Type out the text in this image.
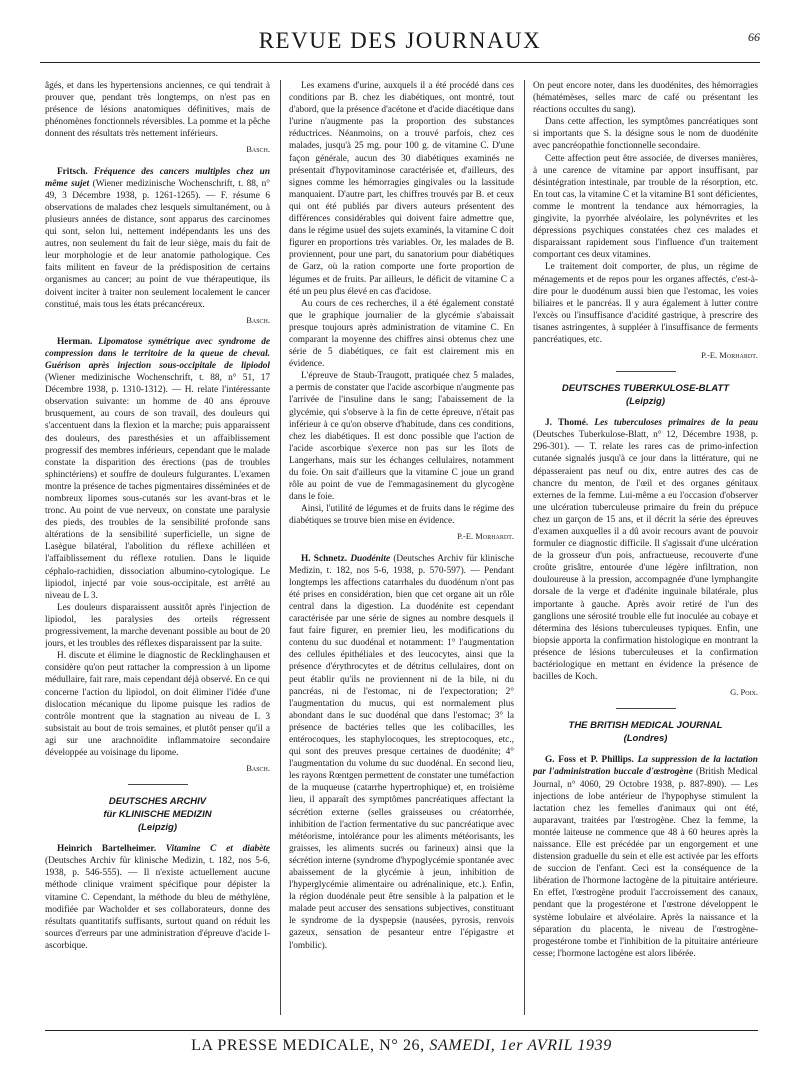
REVUE DES JOURNAUX	66

âgés, et dans les hypertensions anciennes, ce qui tendrait à prouver que, pendant très longtemps, on n'est pas en présence de lésions anatomiques définitives, mais de phénomènes fonctionnels réversibles. La pomme et la pêche donnent des résultats très nettement inférieurs.

Basch.

Fritsch. Fréquence des cancers multiples chez un même sujet (Wiener medizinische Wochenschrift, t. 88, n° 49, 3 Décembre 1938, p. 1261-1265). — F. résume 6 observations de malades chez lesquels simultanément, ou à plusieurs années de distance, sont apparus des carcinomes qui sont, selon lui, nettement indépendants les uns des autres, non seulement du fait de leur siège, mais du fait de leur morphologie et de leur anatomie pathologique. Ces faits militent en faveur de la prédisposition de certains organismes au cancer; au point de vue thérapeutique, ils doivent inciter à traiter non seulement localement le cancer constitué, mais tous les états précancéreux.

Basch.

Herman. Lipomatose symétrique avec syndrome de compression dans le territoire de la queue de cheval. Guérison après injection sous-occipitale de lipiodol (Wiener medizinische Wochenschrift, t. 88, n° 51, 17 Décembre 1938, p. 1310-1312). — H. relate l'intéressante observation suivante: un homme de 40 ans éprouve brusquement, au cours de son travail, des douleurs qui s'accentuent dans la flexion et la marche; puis apparaissent des douleurs, des paresthésies et un affaiblissement progressif des membres inférieurs, cependant que le malade constate la disparition des érections (pas de troubles sphinctériens) et souffre de douleurs fulgurantes. L'examen montre la présence de taches pigmentaires disséminées et de nombreux lipomes sous-cutanés sur les avant-bras et le tronc. Au point de vue nerveux, on constate une paralysie des pieds, des troubles de la sensibilité profonde sans altérations de la sensibilité superficielle, un signe de Lasègue bilatéral, l'abolition du réflexe achilléen et l'affaiblissement du réflexe rotulien. Dans le liquide céphalo-rachidien, dissociation albumino-cytologique. Le lipiodol, injecté par voie sous-occipitale, est arrêté au niveau de L 3.

Les douleurs disparaissent aussitôt après l'injection de lipiodol, les paralysies des orteils régressent progressivement, la marche devenant possible au bout de 20 jours, et les troubles des réflexes disparaissent par la suite.

H. discute et élimine le diagnostic de Recklinghausen et considère qu'on peut rattacher la compression à un lipome médullaire, fait rare, mais cependant déjà observé. En ce qui concerne l'action du lipiodol, on doit éliminer l'idée d'une dislocation mécanique du lipome puisque les radios de contrôle montrent que la stagnation au niveau de L 3 subsistait au bout de trois semaines, et plutôt penser qu'il a agi sur une arachnoïdite inflammatoire secondaire développée au voisinage du lipome.

Basch.
DEUTSCHES ARCHIV
für KLINISCHE MEDIZIN
(Leipzig)

Heinrich Bartelheimer. Vitamine C et diabète (Deutsches Archiv für klinische Medizin, t. 182, nos 5-6, 1938, p. 546-555). — Il n'existe actuellement aucune méthode clinique vraiment spécifique pour dépister la vitamine C. Cependant, la méthode du bleu de méthylène, modifiée par Wacholder et ses collaborateurs, donne des résultats quantitatifs suffisants, surtout quand on réduit les sources d'erreurs par une administration d'épreuve d'acide l-ascorbique.

Les examens d'urine, auxquels il a été procédé dans ces conditions par B. chez les diabétiques, ont montré, tout d'abord, que la présence d'acétone et d'acide diacétique dans l'urine n'augmente pas la proportion des substances réductrices. Néanmoins, on a trouvé parfois, chez ces malades, jusqu'à 25 mg. pour 100 g. de vitamine C. D'une façon générale, aucun des 30 diabétiques examinés ne présentait d'hypovitaminose caractérisée et, d'ailleurs, des signes comme les hémorragies gingivales ou la lassitude manquaient. D'autre part, les chiffres trouvés par B. et ceux qui ont été publiés par divers auteurs présentent des différences considérables qui doivent faire admettre que, dans le régime usuel des sujets examinés, la vitamine C doit figurer en proportions très variables. Or, les malades de B. proviennent, pour une part, du sanatorium pour diabétiques de Garz, où la ration comporte une forte proportion de légumes et de fruits. Par ailleurs, le déficit de vitamine C a été un peu plus élevé en cas d'acidose.

Au cours de ces recherches, il a été également constaté que le graphique journalier de la glycémie s'abaissait presque toujours après administration de vitamine C. En comparant la moyenne des chiffres ainsi obtenus chez une série de 5 diabétiques, ce fait est clairement mis en évidence.

L'épreuve de Staub-Traugott, pratiquée chez 5 malades, a permis de constater que l'acide ascorbique n'augmente pas l'arrivée de l'insuline dans le sang; l'abaissement de la glycémie, qui s'observe à la fin de cette épreuve, n'était pas inférieur à ce qu'on observe d'habitude, dans ces conditions, chez les diabétiques. Il est donc possible que l'action de l'acide ascorbique s'exerce non pas sur les îlots de Langerhans, mais sur les échanges cellulaires, notamment du foie. On sait d'ailleurs que la vitamine C joue un grand rôle au point de vue de l'emmagasinement du glycogène dans le foie.

Ainsi, l'utilité de légumes et de fruits dans le régime des diabétiques se trouve bien mise en évidence.

P.-E. Morhardt.

H. Schnetz. Duodénite (Deutsches Archiv für klinische Medizin, t. 182, nos 5-6, 1938, p. 570-597). — Pendant longtemps les affections catarrhales du duodénum n'ont pas été prises en considération, bien que cet organe ait un rôle central dans la digestion. La duodénite est cependant caractérisée par une série de signes au nombre desquels il faut faire figurer, en premier lieu, les modifications du contenu du suc duodénal et notamment: 1° l'augmentation des cellules épithéliales et des leucocytes, ainsi que la présence d'érythrocytes et de détritus cellulaires, dont on peut établir qu'ils ne proviennent ni de la bile, ni du pancréas, ni de l'estomac, ni de l'expectoration; 2° l'augmentation du mucus, qui est normalement plus abondant dans le suc duodénal que dans l'estomac; 3° la présence de bactéries telles que les colibacilles, les entérocoques, les staphylocoques, les streptocoques, etc., qui sont des preuves presque certaines de duodénite; 4° l'augmentation du volume du suc duodénal. En second lieu, les rayons Rœntgen permettent de constater une tuméfaction de la muqueuse (catarrhe hypertrophique) et, en troisième lieu, il apparaît des symptômes pancréatiques affectant la sécrétion externe (selles graisseuses ou créatorrhée, inhibition de l'action fermentative du suc pancréatique avec météorisme, intolérance pour les aliments météorisants, les graisses, les aliments sucrés ou farineux) ainsi que la sécrétion interne (syndrome d'hypoglycémie spontanée avec abaissement de la glycémie à jeun, inhibition de l'hyperglycémie alimentaire ou adrénalinique, etc.). Enfin, la région duodénale peut être sensible à la palpation et le malade peut accuser des sensations subjectives, constituant le syndrome de la dyspepsie (nausées, pyrosis, renvois gazeux, sensation de pesanteur entre l'épigastre et l'ombilic).

On peut encore noter, dans les duodénites, des hémorragies (hématémèses, selles marc de café ou présentant les réactions occultes du sang).

Dans cette affection, les symptômes pancréatiques sont si importants que S. la désigne sous le nom de duodénite avec pancréopathie fonctionnelle secondaire.

Cette affection peut être associée, de diverses manières, à une carence de vitamine par apport insuffisant, par désintégration intestinale, par trouble de la résorption, etc. En tout cas, la vitamine C et la vitamine B1 sont déficientes, comme le montrent la tendance aux hémorragies, la gingivite, la pyorrhée alvéolaire, les polynévrites et les dépressions psychiques constatées chez ces malades et disparaissant rapidement sous l'influence d'un traitement comportant ces deux vitamines.

Le traitement doit comporter, de plus, un régime de ménagements et de repos pour les organes affectés, c'est-à-dire pour le duodénum aussi bien que l'estomac, les voies biliaires et le pancréas. Il y aura également à lutter contre l'excès ou l'insuffisance d'acidité gastrique, à prescrire des tisanes astringentes, à suppléer à l'insuffisance de ferments pancréatiques, etc.

P.-E. Morhardt.
DEUTSCHES TUBERKULOSE-BLATT
(Leipzig)

J. Thomé. Les tuberculoses primaires de la peau (Deutsches Tuberkulose-Blatt, n° 12, Décembre 1938, p. 296-301). — T. relate les rares cas de primo-infection cutanée signalés jusqu'à ce jour dans la littérature, qui ne dépasseraient pas neuf ou dix, entre autres des cas de chancre du menton, de l'œil et des organes génitaux externes de la femme. Lui-même a eu l'occasion d'observer une ulcération tuberculeuse primaire du frein du prépuce chez un garçon de 15 ans, et il décrit la série des épreuves d'examen auxquelles il a dû avoir recours avant de pouvoir formuler ce diagnostic difficile. Il s'agissait d'une ulcération de la grosseur d'un pois, anfractueuse, recouverte d'une croûte grisâtre, entourée d'une légère infiltration, non douloureuse à la pression, accompagnée d'une lymphangite dorsale de la verge et d'adénite inguinale bilatérale, plus importante à gauche. Après avoir retiré de l'un des ganglions une sérosité trouble elle fut inoculée au cobaye et détermina des lésions tuberculeuses typiques. Enfin, une biopsie apporta la confirmation histologique en montrant la présence de lésions tuberculeuses et la confirmation bactériologique en mettant en évidence la présence de bacilles de Koch.

G. Poix.
THE BRITISH MEDICAL JOURNAL
(Londres)

G. Foss et P. Phillips. La suppression de la lactation par l'administration buccale d'œstrogène (British Medical Journal, n° 4060, 29 Octobre 1938, p. 887-890). — Les injections de lobe antérieur de l'hypophyse stimulent la lactation chez les femelles d'animaux qui ont été, auparavant, traitées par l'œstrogène. Chez la femme, la montée laiteuse ne commence que 48 à 60 heures après la naissance. Elle est précédée par un engorgement et une distension graduelle du sein et elle est activée par les efforts de succion de l'enfant. Ceci est la conséquence de la libération de l'hormone lactogène de la pituitaire antérieure. En effet, l'œstrogène produit l'accroissement des canaux, pendant que la progestérone et l'œstrone développent le système lobulaire et alvéolaire. Après la naissance et la séparation du placenta, le niveau de l'œstrogène-progestérone tombe et l'inhibition de la pituitaire antérieure cesse; l'hormone lactogène est alors libérée.

LA PRESSE MEDICALE, N° 26, SAMEDI, 1er AVRIL 1939
